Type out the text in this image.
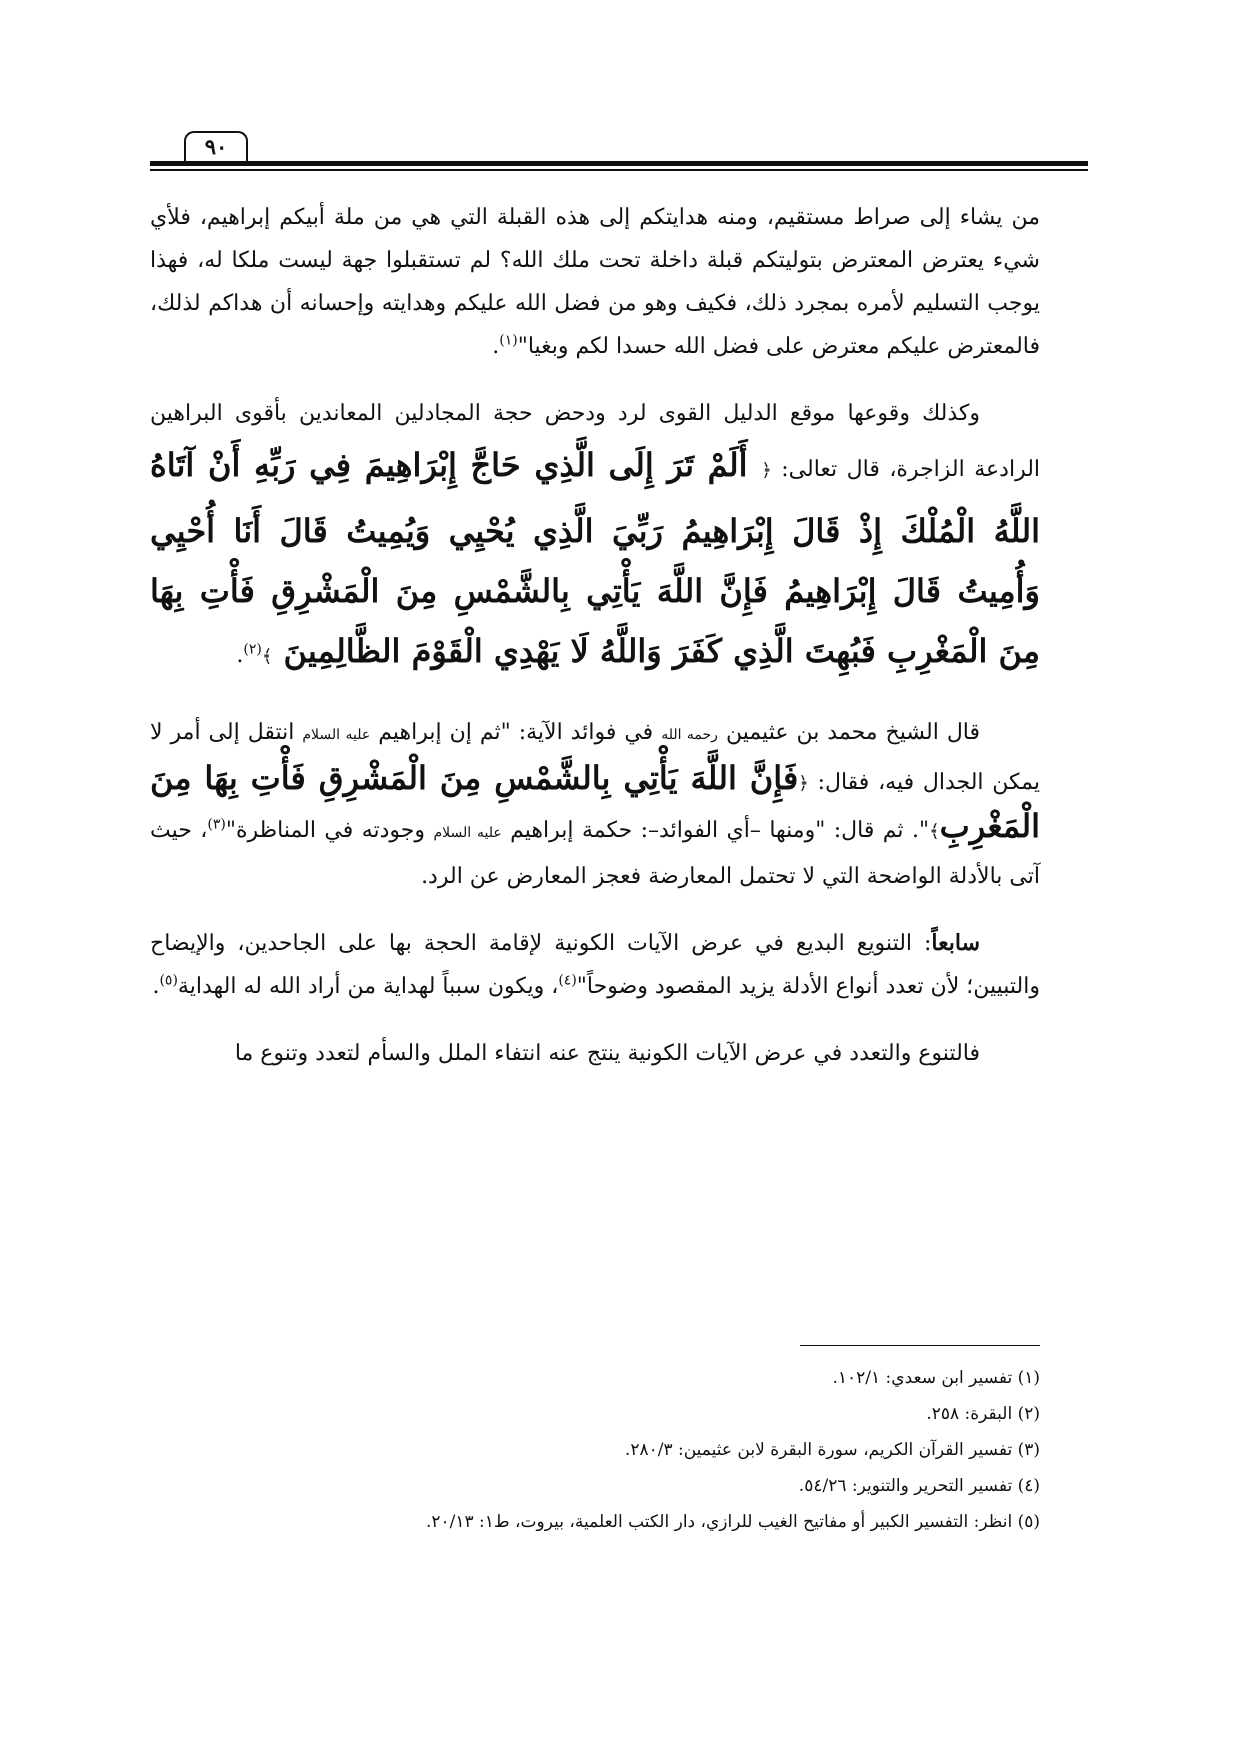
٩٠

من يشاء إلى صراط مستقيم، ومنه هدايتكم إلى هذه القبلة التي هي من ملة أبيكم إبراهيم، فلأي شيء يعترض المعترض بتوليتكم قبلة داخلة تحت ملك الله؟ لم تستقبلوا جهة ليست ملكا له، فهذا يوجب التسليم لأمره بمجرد ذلك، فكيف وهو من فضل الله عليكم وهدايته وإحسانه أن هداكم لذلك، فالمعترض عليكم معترض على فضل الله حسدا لكم وبغيا"$^{(١)}$.

وكذلك وقوعها موقع الدليل القوى لرد ودحض حجة المجادلين المعاندين بأقوى البراهين الرادعة الزاجرة، قال تعالى: ﴿ أَلَمْ تَرَ إِلَى الَّذِي حَاجَّ إِبْرَاهِيمَ فِي رَبِّهِ أَنْ آتَاهُ اللَّهُ الْمُلْكَ إِذْ قَالَ إِبْرَاهِيمُ رَبِّيَ الَّذِي يُحْيِي وَيُمِيتُ قَالَ أَنَا أُحْيِي وَأُمِيتُ قَالَ إِبْرَاهِيمُ فَإِنَّ اللَّهَ يَأْتِي بِالشَّمْسِ مِنَ الْمَشْرِقِ فَأْتِ بِهَا مِنَ الْمَغْرِبِ فَبُهِتَ الَّذِي كَفَرَ وَاللَّهُ لَا يَهْدِي الْقَوْمَ الظَّالِمِينَ ﴾$^{(٢)}$.

قال الشيخ محمد بن عثيمين رحمه الله في فوائد الآية: "ثم إن إبراهيم عليه السلام انتقل إلى أمر لا يمكن الجدال فيه، فقال: ﴿فَإِنَّ اللَّهَ يَأْتِي بِالشَّمْسِ مِنَ الْمَشْرِقِ فَأْتِ بِهَا مِنَ الْمَغْرِبِ﴾". ثم قال: "ومنها –أي الفوائد–: حكمة إبراهيم عليه السلام وجودته في المناظرة"$^{(٣)}$، حيث آتى بالأدلة الواضحة التي لا تحتمل المعارضة فعجز المعارض عن الرد.

سابعاً: التنويع البديع في عرض الآيات الكونية لإقامة الحجة بها على الجاحدين، والإيضاح والتبيين؛ لأن تعدد أنواع الأدلة يزيد المقصود وضوحاً"$^{(٤)}$، ويكون سبباً لهداية من أراد الله له الهداية$^{(٥)}$.

فالتنوع والتعدد في عرض الآيات الكونية ينتج عنه انتفاء الملل والسأم لتعدد وتنوع ما

(١) تفسير ابن سعدي: ١٠٢/١.

(٢) البقرة: ٢٥٨.

(٣) تفسير القرآن الكريم، سورة البقرة لابن عثيمين: ٢٨٠/٣.

(٤) تفسير التحرير والتنوير: ٥٤/٢٦.

(٥) انظر: التفسير الكبير أو مفاتيح الغيب للرازي، دار الكتب العلمية، بيروت، ط١: ٢٠/١٣.
